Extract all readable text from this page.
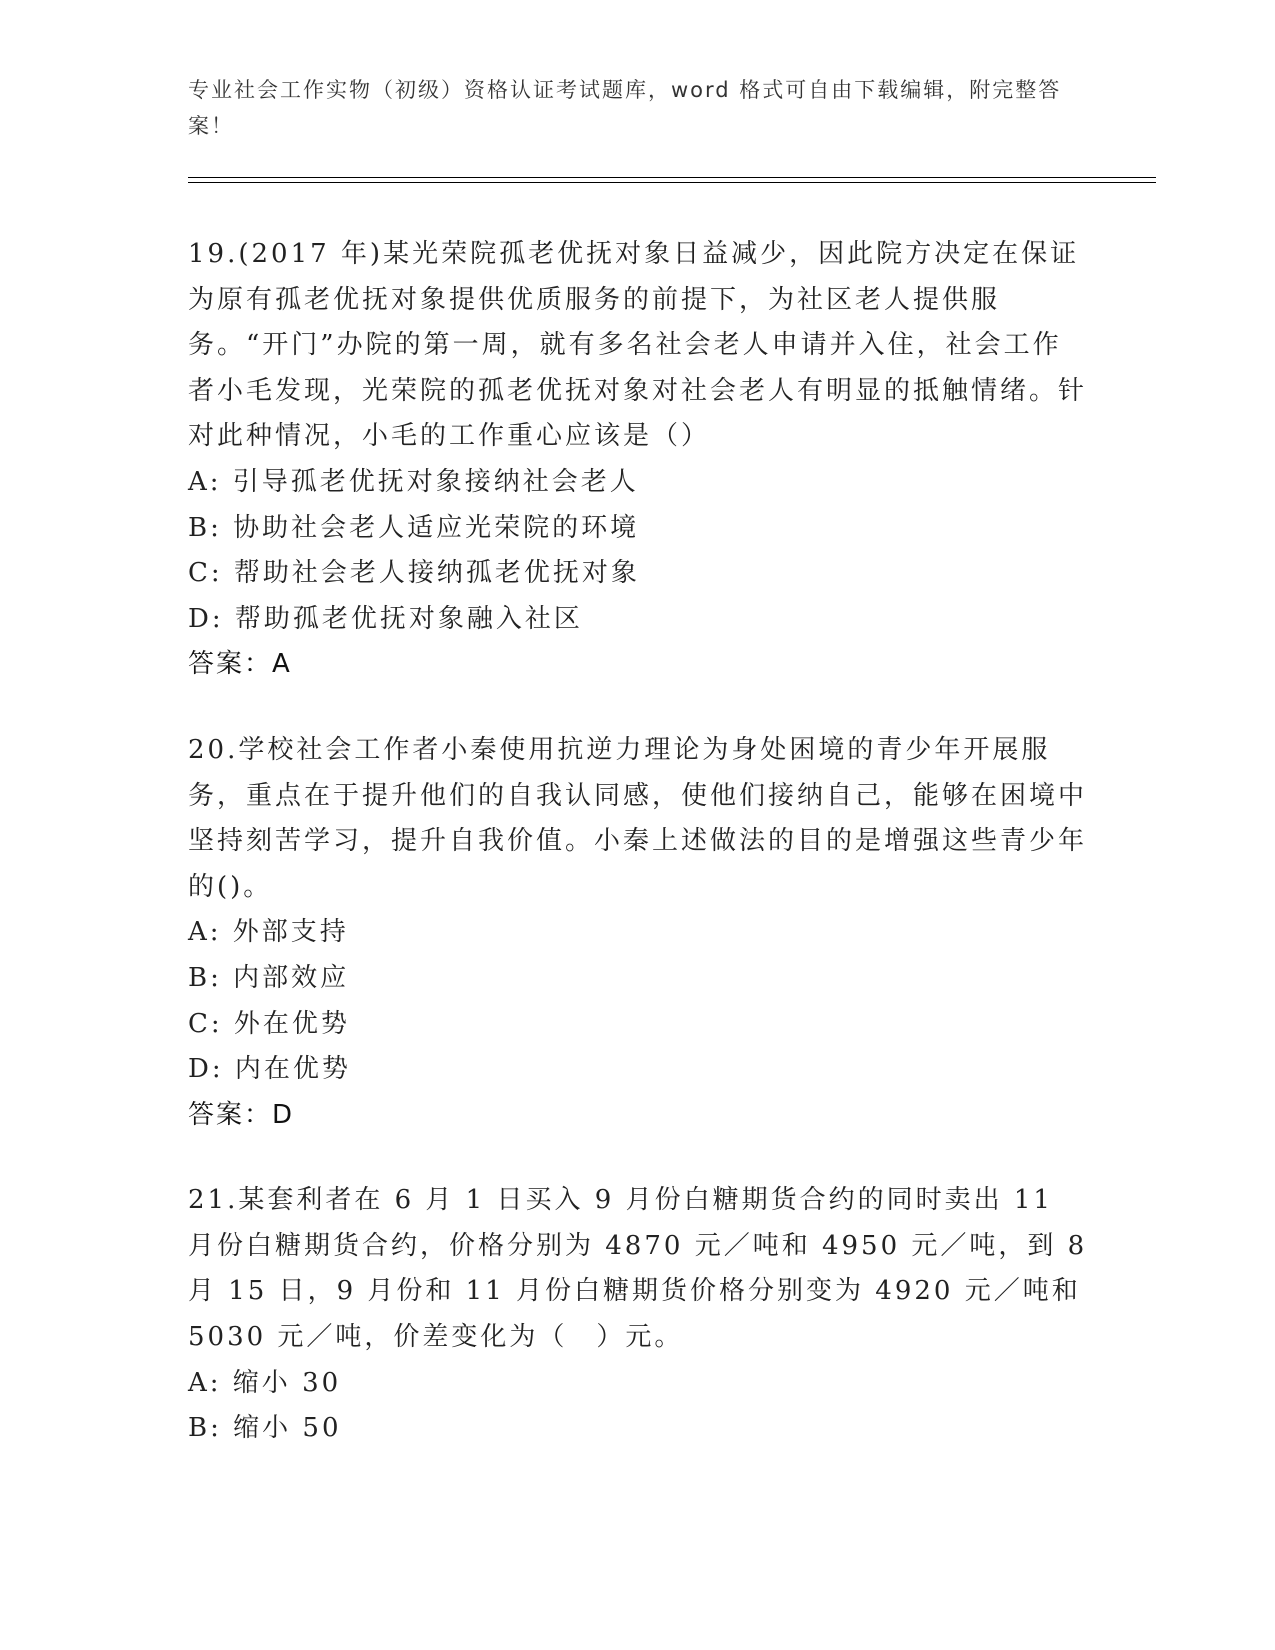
专业社会工作实物（初级）资格认证考试题库，word 格式可自由下载编辑，附完整答案！

19.(2017 年)某光荣院孤老优抚对象日益减少，因此院方决定在保证为原有孤老优抚对象提供优质服务的前提下，为社区老人提供服务。“开门”办院的第一周，就有多名社会老人申请并入住，社会工作者小毛发现，光荣院的孤老优抚对象对社会老人有明显的抵触情绪。针对此种情况，小毛的工作重心应该是（）

A: 引导孤老优抚对象接纳社会老人

B: 协助社会老人适应光荣院的环境

C: 帮助社会老人接纳孤老优抚对象

D: 帮助孤老优抚对象融入社区

答案：A

20.学校社会工作者小秦使用抗逆力理论为身处困境的青少年开展服务，重点在于提升他们的自我认同感，使他们接纳自己，能够在困境中坚持刻苦学习，提升自我价值。小秦上述做法的目的是增强这些青少年的()。

A: 外部支持

B: 内部效应

C: 外在优势

D: 内在优势

答案：D

21.某套利者在 6 月 1 日买入 9 月份白糖期货合约的同时卖出 11 月份白糖期货合约，价格分别为 4870 元／吨和 4950 元／吨，到 8 月 15 日，9 月份和 11 月份白糖期货价格分别变为 4920 元／吨和 5030 元／吨，价差变化为（　）元。

A: 缩小 30

B: 缩小 50
